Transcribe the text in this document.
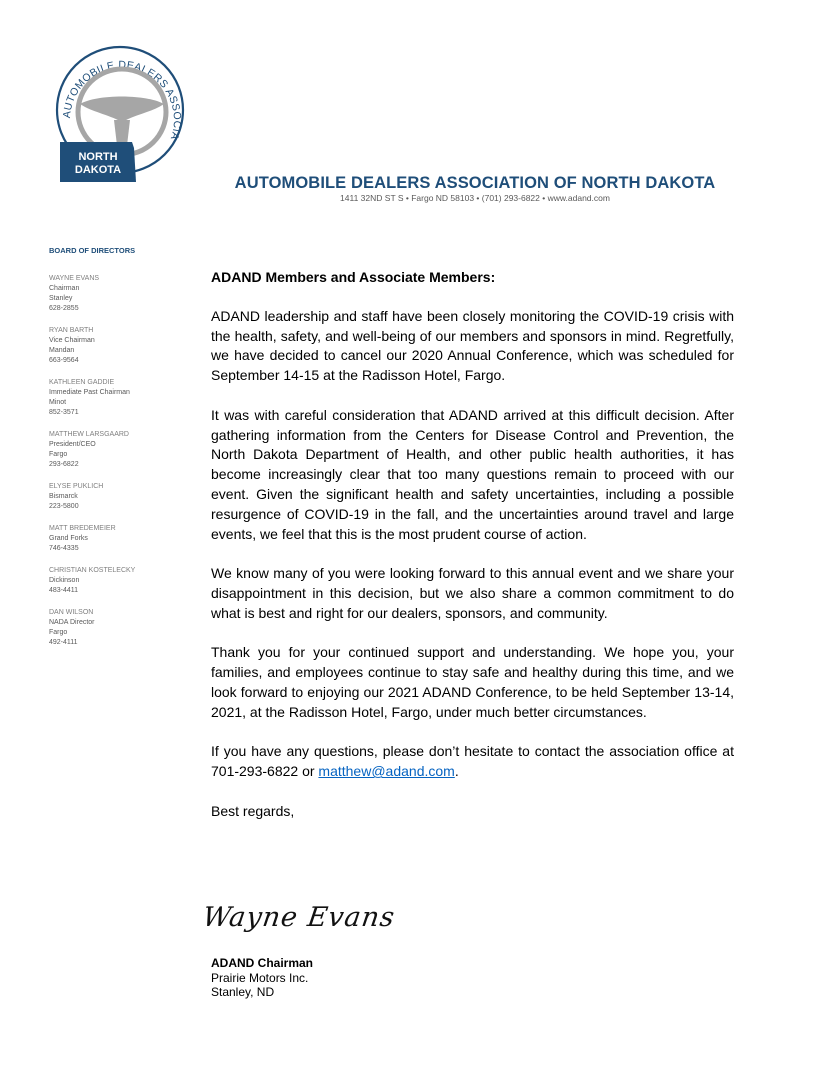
AUTOMOBILE DEALERS ASSOCIA
NORTH
DAKOTA
AUTOMOBILE DEALERS ASSOCIATION OF NORTH DAKOTA

1411 32ND ST S • Fargo ND 58103 • (701) 293-6822 • www.adand.com

BOARD OF DIRECTORS

WAYNE EVANS
Chairman
Stanley
628-2855
RYAN BARTH
Vice Chairman
Mandan
663-9564
KATHLEEN GADDIE
Immediate Past Chairman
Minot
852-3571
MATTHEW LARSGAARD
President/CEO
Fargo
293-6822
ELYSE PUKLICH
Bismarck
223-5800
MATT BREDEMEIER
Grand Forks
746-4335
CHRISTIAN KOSTELECKY
Dickinson
483-4411
DAN WILSON
NADA Director
Fargo
492-4111

ADAND Members and Associate Members:

ADAND leadership and staff have been closely monitoring the COVID-19 crisis with the health, safety, and well-being of our members and sponsors in mind. Regretfully, we have decided to cancel our 2020 Annual Conference, which was scheduled for September 14-15 at the Radisson Hotel, Fargo.

It was with careful consideration that ADAND arrived at this difficult decision. After gathering information from the Centers for Disease Control and Prevention, the North Dakota Department of Health, and other public health authorities, it has become increasingly clear that too many questions remain to proceed with our event. Given the significant health and safety uncertainties, including a possible resurgence of COVID-19 in the fall, and the uncertainties around travel and large events, we feel that this is the most prudent course of action.

We know many of you were looking forward to this annual event and we share your disappointment in this decision, but we also share a common commitment to do what is best and right for our dealers, sponsors, and community.

Thank you for your continued support and understanding. We hope you, your families, and employees continue to stay safe and healthy during this time, and we look forward to enjoying our 2021 ADAND Conference, to be held September 13-14, 2021, at the Radisson Hotel, Fargo, under much better circumstances.

If you have any questions, please don’t hesitate to contact the association office at 701-293-6822 or matthew@adand.com.

Best regards,

Wayne Evans
ADAND Chairman
Prairie Motors Inc.
Stanley, ND
